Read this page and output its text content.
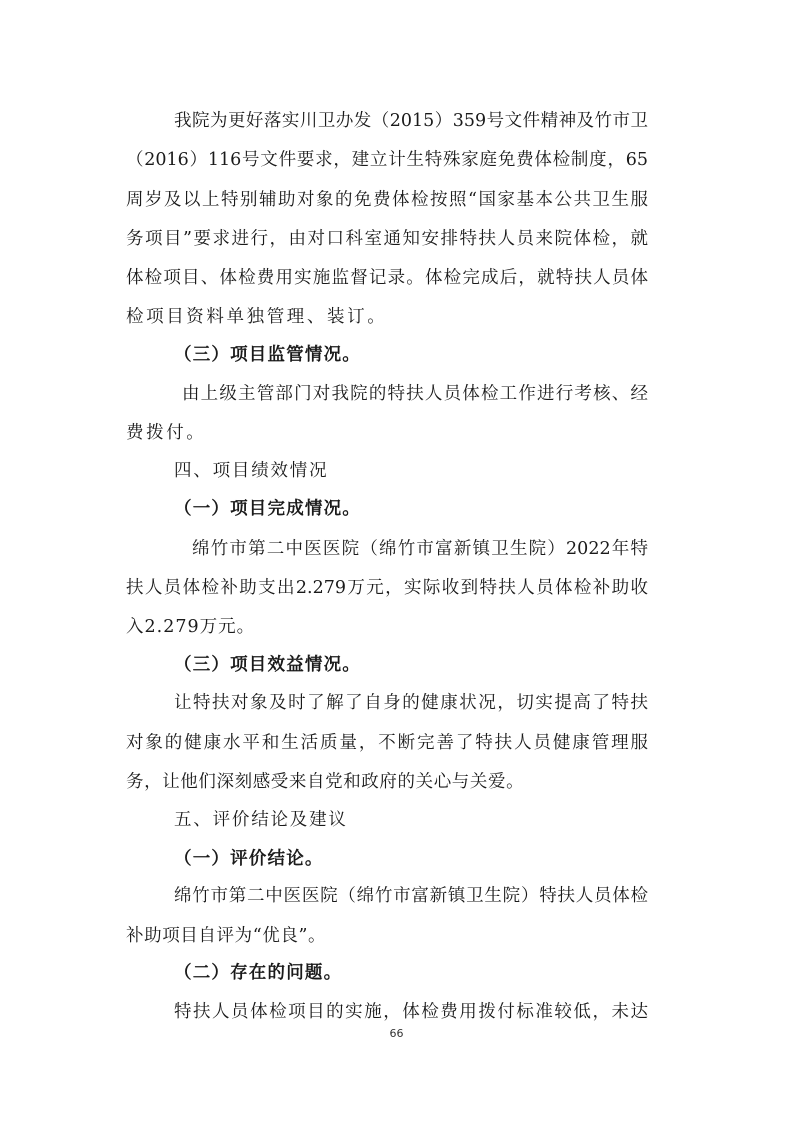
我院为更好落实川卫办发（2015）359号文件精神及竹市卫
（2016）116号文件要求，建立计生特殊家庭免费体检制度，65
周岁及以上特别辅助对象的免费体检按照“国家基本公共卫生服
务项目”要求进行，由对口科室通知安排特扶人员来院体检，就
体检项目、体检费用实施监督记录。体检完成后，就特扶人员体
检项目资料单独管理、装订。
（三）项目监管情况。
由上级主管部门对我院的特扶人员体检工作进行考核、经
费拨付。
四、项目绩效情况
（一）项目完成情况。
绵竹市第二中医医院（绵竹市富新镇卫生院）2022年特
扶人员体检补助支出2.279万元，实际收到特扶人员体检补助收
入2.279万元。
（三）项目效益情况。
让特扶对象及时了解了自身的健康状况，切实提高了特扶
对象的健康水平和生活质量，不断完善了特扶人员健康管理服
务，让他们深刻感受来自党和政府的关心与关爱。
五、评价结论及建议
（一）评价结论。
绵竹市第二中医医院（绵竹市富新镇卫生院）特扶人员体检
补助项目自评为“优良”。
（二）存在的问题。
特扶人员体检项目的实施，体检费用拨付标准较低，未达
66
